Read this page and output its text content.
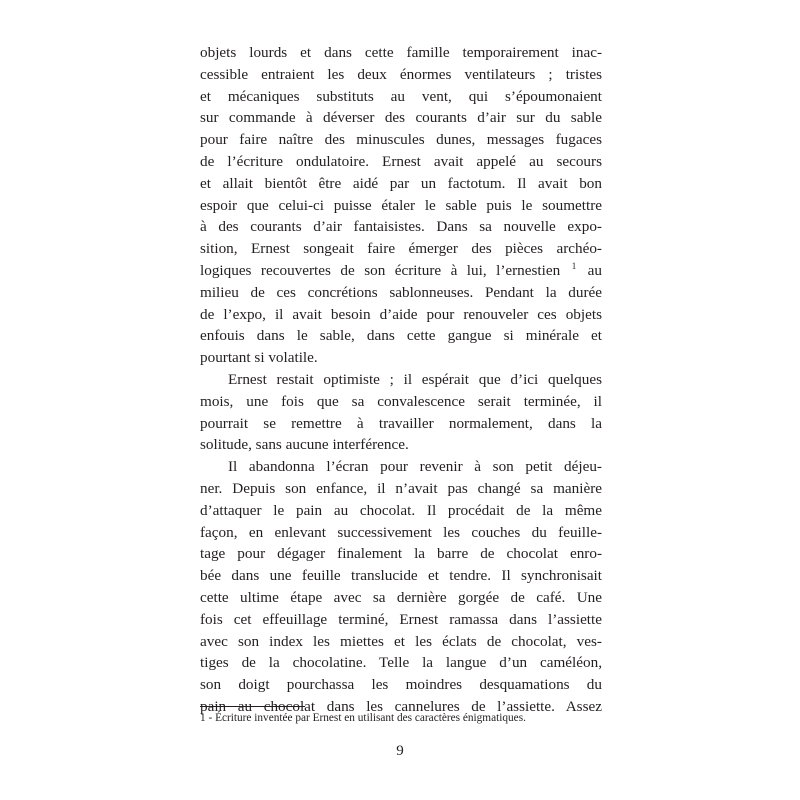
objets lourds et dans cette famille temporairement inac-
cessible entraient les deux énormes ventilateurs ; tristes
et mécaniques substituts au vent, qui s’époumonaient
sur commande à déverser des courants d’air sur du sable
pour faire naître des minuscules dunes, messages fugaces
de l’écriture ondulatoire. Ernest avait appelé au secours
et allait bientôt être aidé par un factotum. Il avait bon
espoir que celui-ci puisse étaler le sable puis le soumettre
à des courants d’air fantaisistes. Dans sa nouvelle expo-
sition, Ernest songeait faire émerger des pièces archéo-
logiques recouvertes de son écriture à lui, l’ernestien $^1$ au
milieu de ces concrétions sablonneuses. Pendant la durée
de l’expo, il avait besoin d’aide pour renouveler ces objets
enfouis dans le sable, dans cette gangue si minérale et
pourtant si volatile.

Ernest restait optimiste ; il espérait que d’ici quelques
mois, une fois que sa convalescence serait terminée, il
pourrait se remettre à travailler normalement, dans la
solitude, sans aucune interférence.

Il abandonna l’écran pour revenir à son petit déjeu-
ner. Depuis son enfance, il n’avait pas changé sa manière
d’attaquer le pain au chocolat. Il procédait de la même
façon, en enlevant successivement les couches du feuille-
tage pour dégager finalement la barre de chocolat enro-
bée dans une feuille translucide et tendre. Il synchronisait
cette ultime étape avec sa dernière gorgée de café. Une
fois cet effeuillage terminé, Ernest ramassa dans l’assiette
avec son index les miettes et les éclats de chocolat, ves-
tiges de la chocolatine. Telle la langue d’un caméléon,
son doigt pourchassa les moindres desquamations du
pain au chocolat dans les cannelures de l’assiette. Assez

1 - Écriture inventée par Ernest en utilisant des caractères énigmatiques.
9
